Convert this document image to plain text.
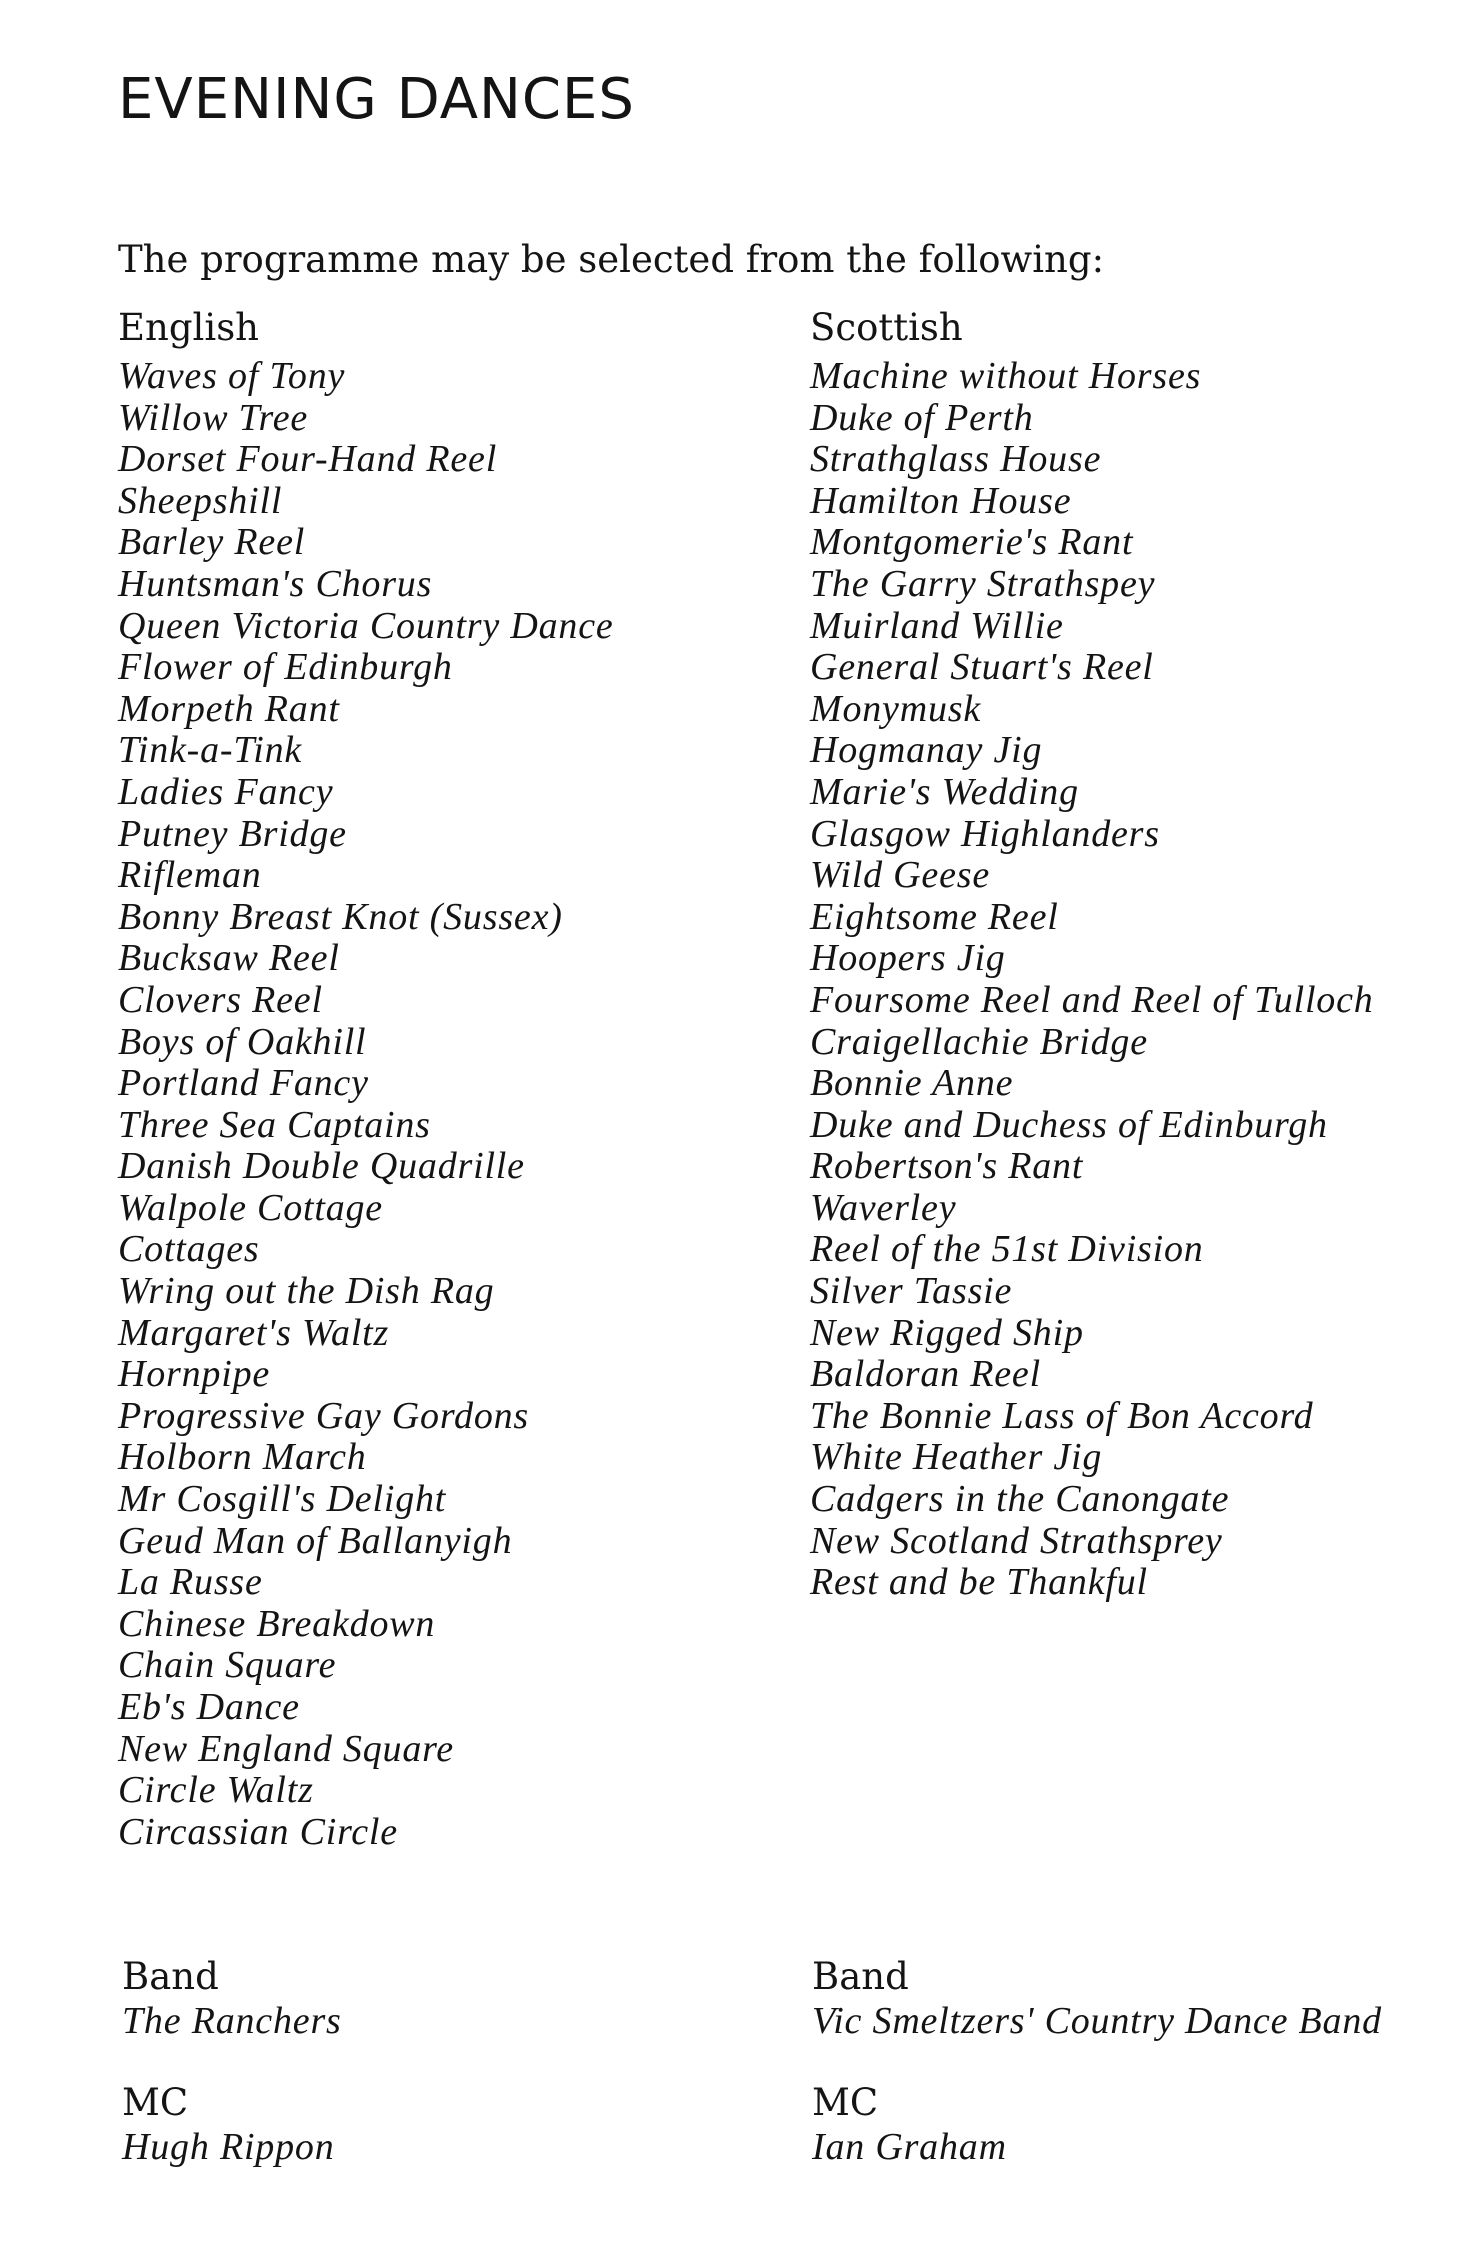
EVENING DANCES

The programme may be selected from the following:

English
Waves of Tony
Willow Tree
Dorset Four-Hand Reel
Sheepshill
Barley Reel
Huntsman's Chorus
Queen Victoria Country Dance
Flower of Edinburgh
Morpeth Rant
Tink-a-Tink
Ladies Fancy
Putney Bridge
Rifleman
Bonny Breast Knot (Sussex)
Bucksaw Reel
Clovers Reel
Boys of Oakhill
Portland Fancy
Three Sea Captains
Danish Double Quadrille
Walpole Cottage
Cottages
Wring out the Dish Rag
Margaret's Waltz
Hornpipe
Progressive Gay Gordons
Holborn March
Mr Cosgill's Delight
Geud Man of Ballanyigh
La Russe
Chinese Breakdown
Chain Square
Eb's Dance
New England Square
Circle Waltz
Circassian Circle
Scottish
Machine without Horses
Duke of Perth
Strathglass House
Hamilton House
Montgomerie's Rant
The Garry Strathspey
Muirland Willie
General Stuart's Reel
Monymusk
Hogmanay Jig
Marie's Wedding
Glasgow Highlanders
Wild Geese
Eightsome Reel
Hoopers Jig
Foursome Reel and Reel of Tulloch
Craigellachie Bridge
Bonnie Anne
Duke and Duchess of Edinburgh
Robertson's Rant
Waverley
Reel of the 51st Division
Silver Tassie
New Rigged Ship
Baldoran Reel
The Bonnie Lass of Bon Accord
White Heather Jig
Cadgers in the Canongate
New Scotland Strathsprey
Rest and be Thankful

Band

The Ranchers

MC

Hugh Rippon

Band

Vic Smeltzers' Country Dance Band

MC

Ian Graham
